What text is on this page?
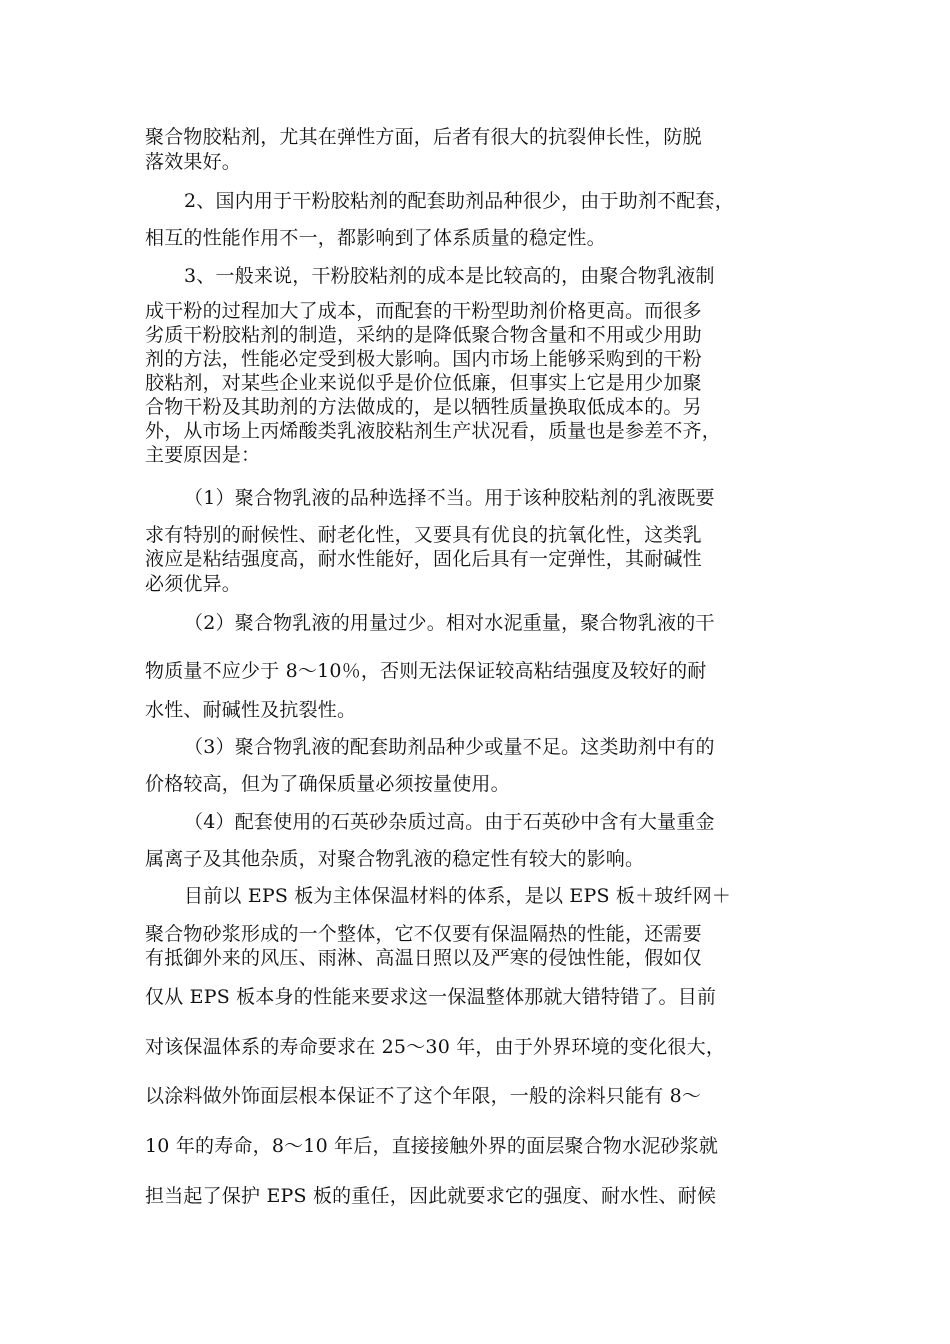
聚合物胶粘剂，尤其在弹性方面，后者有很大的抗裂伸长性，防脱
落效果好。
2、国内用于干粉胶粘剂的配套助剂品种很少，由于助剂不配套，
相互的性能作用不一，都影响到了体系质量的稳定性。
3、一般来说，干粉胶粘剂的成本是比较高的，由聚合物乳液制
成干粉的过程加大了成本，而配套的干粉型助剂价格更高。而很多
劣质干粉胶粘剂的制造，采纳的是降低聚合物含量和不用或少用助
剂的方法，性能必定受到极大影响。国内市场上能够采购到的干粉
胶粘剂，对某些企业来说似乎是价位低廉，但事实上它是用少加聚
合物干粉及其助剂的方法做成的，是以牺牲质量换取低成本的。另
外，从市场上丙烯酸类乳液胶粘剂生产状况看，质量也是参差不齐，
主要原因是：
（1）聚合物乳液的品种选择不当。用于该种胶粘剂的乳液既要
求有特别的耐候性、耐老化性，又要具有优良的抗氧化性，这类乳
液应是粘结强度高，耐水性能好，固化后具有一定弹性，其耐碱性
必须优异。
（2）聚合物乳液的用量过少。相对水泥重量，聚合物乳液的干
物质量不应少于 8～10％，否则无法保证较高粘结强度及较好的耐
水性、耐碱性及抗裂性。
（3）聚合物乳液的配套助剂品种少或量不足。这类助剂中有的
价格较高，但为了确保质量必须按量使用。
（4）配套使用的石英砂杂质过高。由于石英砂中含有大量重金
属离子及其他杂质，对聚合物乳液的稳定性有较大的影响。
目前以 EPS 板为主体保温材料的体系，是以 EPS 板＋玻纤网＋
聚合物砂浆形成的一个整体，它不仅要有保温隔热的性能，还需要
有抵御外来的风压、雨淋、高温日照以及严寒的侵蚀性能，假如仅
仅从 EPS 板本身的性能来要求这一保温整体那就大错特错了。目前
对该保温体系的寿命要求在 25～30 年，由于外界环境的变化很大，
以涂料做外饰面层根本保证不了这个年限，一般的涂料只能有 8～
10 年的寿命，8～10 年后，直接接触外界的面层聚合物水泥砂浆就
担当起了保护 EPS 板的重任，因此就要求它的强度、耐水性、耐候
